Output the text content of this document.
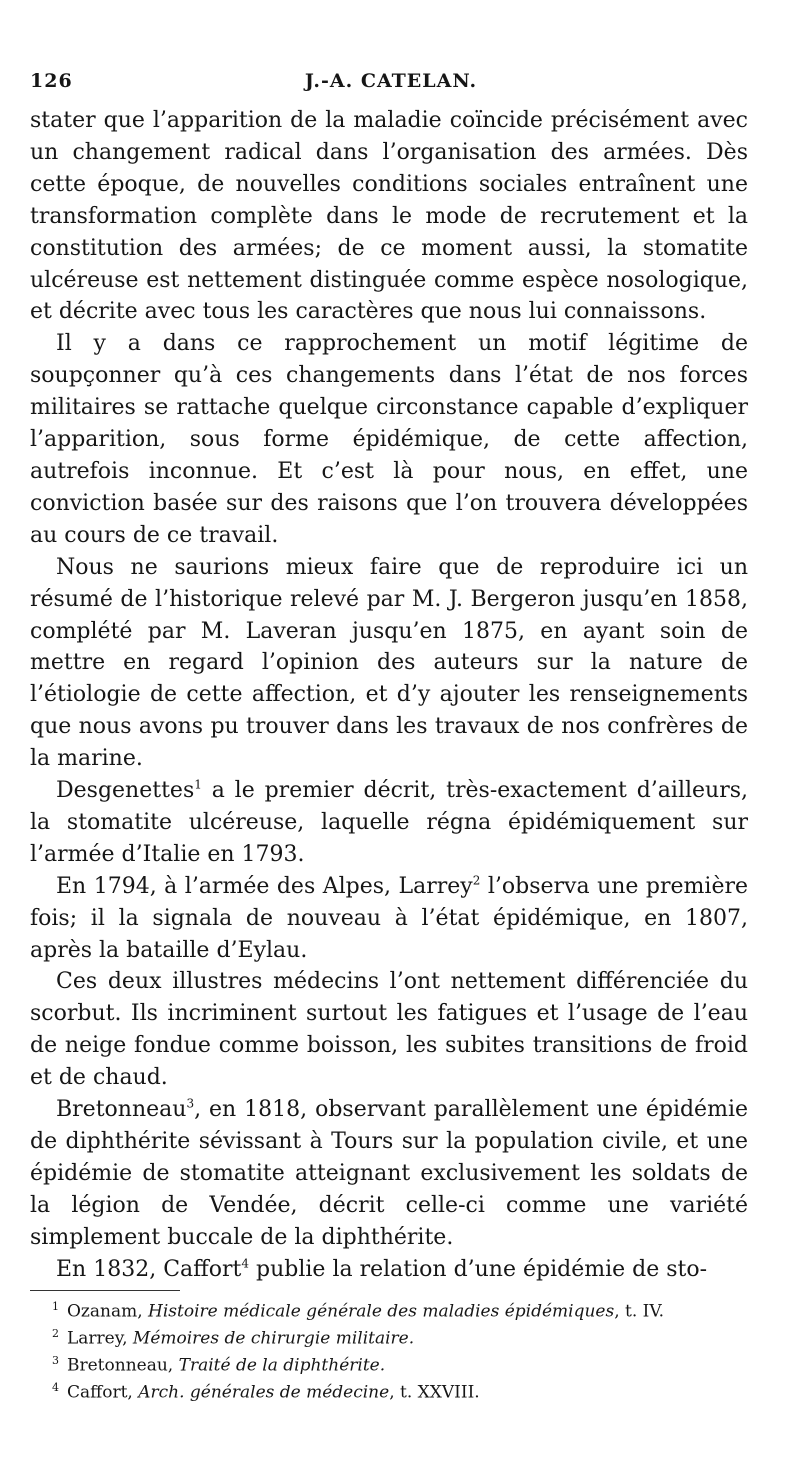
126	J.-A. CATELAN.

stater que l’apparition de la maladie coïncide précisément avec un changement radical dans l’organisation des armées. Dès cette époque, de nouvelles conditions sociales entraînent une transformation complète dans le mode de recrutement et la constitution des armées; de ce moment aussi, la stomatite ulcéreuse est nettement distinguée comme espèce nosologique, et décrite avec tous les caractères que nous lui connaissons.

Il y a dans ce rapprochement un motif légitime de soupçonner qu’à ces changements dans l’état de nos forces militaires se rattache quelque circonstance capable d’expliquer l’apparition, sous forme épidémique, de cette affection, autrefois inconnue. Et c’est là pour nous, en effet, une conviction basée sur des raisons que l’on trouvera développées au cours de ce travail.

Nous ne saurions mieux faire que de reproduire ici un résumé de l’historique relevé par M. J. Bergeron jusqu’en 1858, complété par M. Laveran jusqu’en 1875, en ayant soin de mettre en regard l’opinion des auteurs sur la nature de l’étiologie de cette affection, et d’y ajouter les renseignements que nous avons pu trouver dans les travaux de nos confrères de la marine.

Desgenettes$^1$ a le premier décrit, très-exactement d’ailleurs, la stomatite ulcéreuse, laquelle régna épidémiquement sur l’armée d’Italie en 1793.

En 1794, à l’armée des Alpes, Larrey$^2$ l’observa une première fois; il la signala de nouveau à l’état épidémique, en 1807, après la bataille d’Eylau.

Ces deux illustres médecins l’ont nettement différenciée du scorbut. Ils incriminent surtout les fatigues et l’usage de l’eau de neige fondue comme boisson, les subites transitions de froid et de chaud.

Bretonneau$^3$, en 1818, observant parallèlement une épidémie de diphthérite sévissant à Tours sur la population civile, et une épidémie de stomatite atteignant exclusivement les soldats de la légion de Vendée, décrit celle-ci comme une variété simplement buccale de la diphthérite.

En 1832, Caffort$^4$ publie la relation d’une épidémie de sto-

$^1$ Ozanam, Histoire médicale générale des maladies épidémiques, t. IV.

$^2$ Larrey, Mémoires de chirurgie militaire.

$^3$ Bretonneau, Traité de la diphthérite.

$^4$ Caffort, Arch. générales de médecine, t. XXVIII.
